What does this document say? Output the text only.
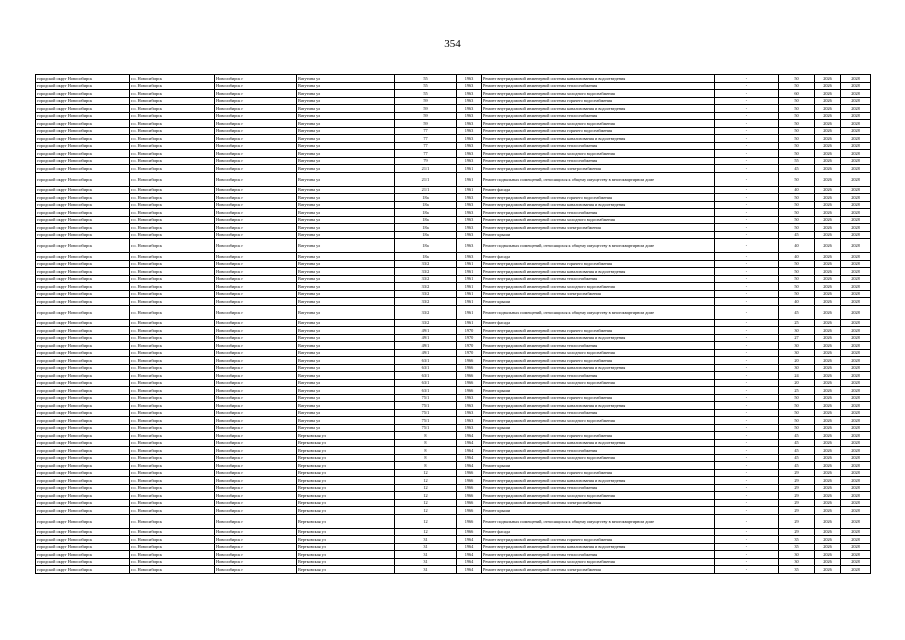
354
городской округ Новосибирск	г.о. Новосибирск	Новосибирск г	Ватутина ул	55	1963	Ремонт внутридомовой инженерной системы канализования и водоотведения	-	50	2026	2028
городской округ Новосибирск	г.о. Новосибирск	Новосибирск г	Ватутина ул	55	1963	Ремонт внутридомовой инженерной системы теплоснабжения	-	50	2026	2028
городской округ Новосибирск	г.о. Новосибирск	Новосибирск г	Ватутина ул	55	1963	Ремонт внутридомовой инженерной системы холодного водоснабжения	-	60	2026	2028
городской округ Новосибирск	г.о. Новосибирск	Новосибирск г	Ватутина ул	59	1963	Ремонт внутридомовой инженерной системы горячего водоснабжения	-	50	2026	2028
городской округ Новосибирск	г.о. Новосибирск	Новосибирск г	Ватутина ул	59	1963	Ремонт внутридомовой инженерной системы канализования и водоотведения	-	50	2026	2028
городской округ Новосибирск	г.о. Новосибирск	Новосибирск г	Ватутина ул	59	1963	Ремонт внутридомовой инженерной системы теплоснабжения	-	50	2026	2028
городской округ Новосибирск	г.о. Новосибирск	Новосибирск г	Ватутина ул	59	1963	Ремонт внутридомовой инженерной системы холодного водоснабжения	-	50	2026	2028
городской округ Новосибирск	г.о. Новосибирск	Новосибирск г	Ватутина ул	77	1963	Ремонт внутридомовой инженерной системы горячего водоснабжения	-	50	2026	2028
городской округ Новосибирск	г.о. Новосибирск	Новосибирск г	Ватутина ул	77	1963	Ремонт внутридомовой инженерной системы канализования и водоотведения	-	50	2026	2028
городской округ Новосибирск	г.о. Новосибирск	Новосибирск г	Ватутина ул	77	1963	Ремонт внутридомовой инженерной системы теплоснабжения	-	50	2026	2028
городской округ Новосибирск	г.о. Новосибирск	Новосибирск г	Ватутина ул	77	1963	Ремонт внутридомовой инженерной системы холодного водоснабжения	-	50	2026	2028
городской округ Новосибирск	г.о. Новосибирск	Новосибирск г	Ватутина ул	79	1963	Ремонт внутридомовой инженерной системы теплоснабжения	-	55	2026	2028
городской округ Новосибирск	г.о. Новосибирск	Новосибирск г	Ватутина ул	21/1	1961	Ремонт внутридомовой инженерной системы электроснабжения	-	45	2026	2028
городской округ Новосибирск	г.о. Новосибирск	Новосибирск г	Ватутина ул	21/1	1961	Ремонт подвальных помещений, относящихся к общему имуществу в многоквартирном доме	-	50	2026	2028
городской округ Новосибирск	г.о. Новосибирск	Новосибирск г	Ватутина ул	21/1	1961	Ремонт фасада	-	40	2026	2028
городской округ Новосибирск	г.о. Новосибирск	Новосибирск г	Ватутина ул	18а	1963	Ремонт внутридомовой инженерной системы горячего водоснабжения	-	50	2026	2028
городской округ Новосибирск	г.о. Новосибирск	Новосибирск г	Ватутина ул	18а	1963	Ремонт внутридомовой инженерной системы канализования и водоотведения	-	50	2026	2028
городской округ Новосибирск	г.о. Новосибирск	Новосибирск г	Ватутина ул	18а	1963	Ремонт внутридомовой инженерной системы теплоснабжения	-	50	2026	2028
городской округ Новосибирск	г.о. Новосибирск	Новосибирск г	Ватутина ул	18а	1963	Ремонт внутридомовой инженерной системы холодного водоснабжения	-	50	2026	2028
городской округ Новосибирск	г.о. Новосибирск	Новосибирск г	Ватутина ул	18а	1963	Ремонт внутридомовой инженерной системы электроснабжения	-	50	2026	2028
городской округ Новосибирск	г.о. Новосибирск	Новосибирск г	Ватутина ул	18а	1963	Ремонт крыши	-	45	2026	2028
городской округ Новосибирск	г.о. Новосибирск	Новосибирск г	Ватутина ул	18а	1963	Ремонт подвальных помещений, относящихся к общему имуществу в многоквартирном доме	-	40	2026	2028
городской округ Новосибирск	г.о. Новосибирск	Новосибирск г	Ватутина ул	18а	1963	Ремонт фасада	-	40	2026	2028
городской округ Новосибирск	г.о. Новосибирск	Новосибирск г	Ватутина ул	33/2	1961	Ремонт внутридомовой инженерной системы горячего водоснабжения	-	50	2026	2028
городской округ Новосибирск	г.о. Новосибирск	Новосибирск г	Ватутина ул	33/2	1961	Ремонт внутридомовой инженерной системы канализования и водоотведения	-	50	2026	2028
городской округ Новосибирск	г.о. Новосибирск	Новосибирск г	Ватутина ул	33/2	1961	Ремонт внутридомовой инженерной системы теплоснабжения	-	50	2026	2028
городской округ Новосибирск	г.о. Новосибирск	Новосибирск г	Ватутина ул	33/2	1961	Ремонт внутридомовой инженерной системы холодного водоснабжения	-	50	2026	2028
городской округ Новосибирск	г.о. Новосибирск	Новосибирск г	Ватутина ул	33/2	1961	Ремонт внутридомовой инженерной системы электроснабжения	-	50	2026	2028
городской округ Новосибирск	г.о. Новосибирск	Новосибирск г	Ватутина ул	33/2	1961	Ремонт крыши	-	40	2026	2028
городской округ Новосибирск	г.о. Новосибирск	Новосибирск г	Ватутина ул	33/2	1961	Ремонт подвальных помещений, относящихся к общему имуществу в многоквартирном доме	-	45	2026	2028
городской округ Новосибирск	г.о. Новосибирск	Новосибирск г	Ватутина ул	33/2	1961	Ремонт фасада	-	25	2026	2028
городской округ Новосибирск	г.о. Новосибирск	Новосибирск г	Ватутина ул	49/1	1970	Ремонт внутридомовой инженерной системы горячего водоснабжения	-	30	2026	2028
городской округ Новосибирск	г.о. Новосибирск	Новосибирск г	Ватутина ул	49/1	1970	Ремонт внутридомовой инженерной системы канализования и водоотведения	-	27	2026	2028
городской округ Новосибирск	г.о. Новосибирск	Новосибирск г	Ватутина ул	49/1	1970	Ремонт внутридомовой инженерной системы теплоснабжения	-	30	2026	2028
городской округ Новосибирск	г.о. Новосибирск	Новосибирск г	Ватутина ул	49/1	1970	Ремонт внутридомовой инженерной системы холодного водоснабжения	-	30	2026	2028
городской округ Новосибирск	г.о. Новосибирск	Новосибирск г	Ватутина ул	63/1	1966	Ремонт внутридомовой инженерной системы горячего водоснабжения	-	20	2026	2028
городской округ Новосибирск	г.о. Новосибирск	Новосибирск г	Ватутина ул	63/1	1966	Ремонт внутридомовой инженерной системы канализования и водоотведения	-	30	2026	2028
городской округ Новосибирск	г.о. Новосибирск	Новосибирск г	Ватутина ул	63/1	1966	Ремонт внутридомовой инженерной системы теплоснабжения	-	24	2026	2028
городской округ Новосибирск	г.о. Новосибирск	Новосибирск г	Ватутина ул	63/1	1966	Ремонт внутридомовой инженерной системы холодного водоснабжения	-	20	2026	2028
городской округ Новосибирск	г.о. Новосибирск	Новосибирск г	Ватутина ул	63/1	1966	Ремонт крыши	-	25	2026	2028
городской округ Новосибирск	г.о. Новосибирск	Новосибирск г	Ватутина ул	75/1	1963	Ремонт внутридомовой инженерной системы горячего водоснабжения	-	50	2026	2028
городской округ Новосибирск	г.о. Новосибирск	Новосибирск г	Ватутина ул	75/1	1963	Ремонт внутридомовой инженерной системы канализования и водоотведения	-	50	2026	2028
городской округ Новосибирск	г.о. Новосибирск	Новосибирск г	Ватутина ул	75/1	1963	Ремонт внутридомовой инженерной системы теплоснабжения	-	50	2026	2028
городской округ Новосибирск	г.о. Новосибирск	Новосибирск г	Ватутина ул	75/1	1963	Ремонт внутридомовой инженерной системы холодного водоснабжения	-	50	2026	2028
городской округ Новосибирск	г.о. Новосибирск	Новосибирск г	Ватутина ул	75/1	1963	Ремонт крыши	-	50	2026	2028
городской округ Новосибирск	г.о. Новосибирск	Новосибирск г	Вертковская ул	8	1964	Ремонт внутридомовой инженерной системы горячего водоснабжения	-	45	2026	2028
городской округ Новосибирск	г.о. Новосибирск	Новосибирск г	Вертковская ул	8	1964	Ремонт внутридомовой инженерной системы канализования и водоотведения	-	45	2026	2028
городской округ Новосибирск	г.о. Новосибирск	Новосибирск г	Вертковская ул	8	1964	Ремонт внутридомовой инженерной системы теплоснабжения	-	45	2026	2028
городской округ Новосибирск	г.о. Новосибирск	Новосибирск г	Вертковская ул	8	1964	Ремонт внутридомовой инженерной системы холодного водоснабжения	-	45	2026	2028
городской округ Новосибирск	г.о. Новосибирск	Новосибирск г	Вертковская ул	8	1964	Ремонт крыши	-	45	2026	2028
городской округ Новосибирск	г.о. Новосибирск	Новосибирск г	Вертковская ул	12	1966	Ремонт внутридомовой инженерной системы горячего водоснабжения	-	29	2026	2028
городской округ Новосибирск	г.о. Новосибирск	Новосибирск г	Вертковская ул	12	1966	Ремонт внутридомовой инженерной системы канализования и водоотведения	-	29	2026	2028
городской округ Новосибирск	г.о. Новосибирск	Новосибирск г	Вертковская ул	12	1966	Ремонт внутридомовой инженерной системы теплоснабжения	-	29	2026	2028
городской округ Новосибирск	г.о. Новосибирск	Новосибирск г	Вертковская ул	12	1966	Ремонт внутридомовой инженерной системы холодного водоснабжения	-	29	2026	2028
городской округ Новосибирск	г.о. Новосибирск	Новосибирск г	Вертковская ул	12	1966	Ремонт внутридомовой инженерной системы электроснабжения	-	29	2026	2028
городской округ Новосибирск	г.о. Новосибирск	Новосибирск г	Вертковская ул	12	1966	Ремонт крыши	-	29	2026	2028
городской округ Новосибирск	г.о. Новосибирск	Новосибирск г	Вертковская ул	12	1966	Ремонт подвальных помещений, относящихся к общему имуществу в многоквартирном доме	-	29	2026	2028
городской округ Новосибирск	г.о. Новосибирск	Новосибирск г	Вертковская ул	12	1966	Ремонт фасада	-	29	2026	2028
городской округ Новосибирск	г.о. Новосибирск	Новосибирск г	Вертковская ул	31	1964	Ремонт внутридомовой инженерной системы горячего водоснабжения	-	35	2026	2028
городской округ Новосибирск	г.о. Новосибирск	Новосибирск г	Вертковская ул	31	1964	Ремонт внутридомовой инженерной системы канализования и водоотведения	-	35	2026	2028
городской округ Новосибирск	г.о. Новосибирск	Новосибирск г	Вертковская ул	31	1964	Ремонт внутридомовой инженерной системы теплоснабжения	-	30	2026	2028
городской округ Новосибирск	г.о. Новосибирск	Новосибирск г	Вертковская ул	31	1964	Ремонт внутридомовой инженерной системы холодного водоснабжения	-	30	2026	2028
городской округ Новосибирск	г.о. Новосибирск	Новосибирск г	Вертковская ул	31	1964	Ремонт внутридомовой инженерной системы электроснабжения	-	35	2026	2028
